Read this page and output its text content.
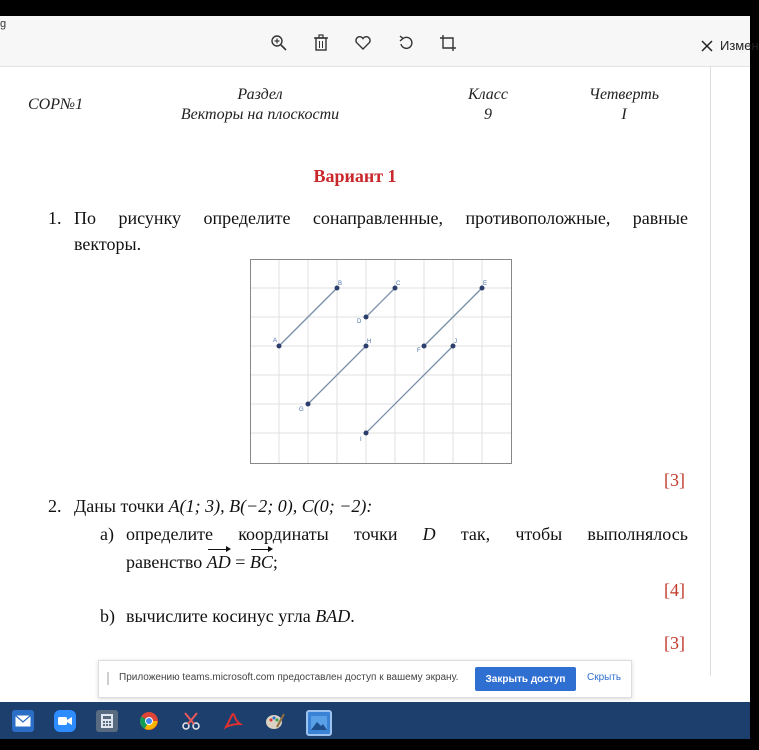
g
Измен
СОР№1
Раздел
Векторы на плоскости
Класс
9
Четверть
I
Вариант 1
1. По рисунку определите сонаправленные, противоположные, равные
векторы.
A
B	C
D
E
F
G
H
I
J
[3]
2. Даны точки A(1; 3), B(−2; 0), C(0; −2):
a) определите координаты точки D так, чтобы выполнялось
равенство AD = BC;
[4]
b) вычислите косинус угла BAD.
[3]
Приложению teams.microsoft.com предоставлен доступ к вашему экрану.	Закрыть доступ	Скрыть
